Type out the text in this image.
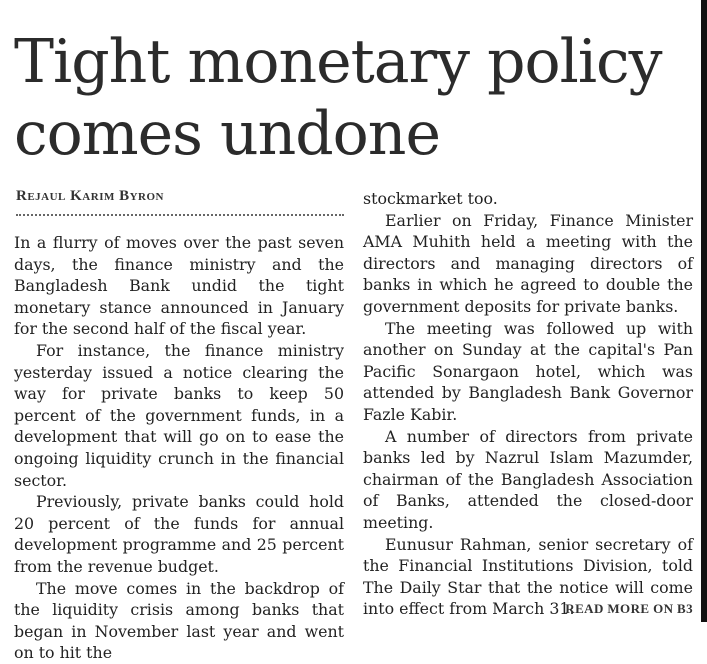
Tight monetary policy comes undone
Rejaul Karim Byron

In a flurry of moves over the past seven days, the finance ministry and the Bangladesh Bank undid the tight monetary stance announced in January for the second half of the fiscal year.

For instance, the finance ministry yesterday issued a notice clearing the way for private banks to keep 50 percent of the government funds, in a development that will go on to ease the ongoing liquidity crunch in the financial sector.

Previously, private banks could hold 20 percent of the funds for annual development programme and 25 percent from the revenue budget.

The move comes in the backdrop of the liquidity crisis among banks that began in November last year and went on to hit the

stockmarket too.

Earlier on Friday, Finance Minister AMA Muhith held a meeting with the directors and managing directors of banks in which he agreed to double the government deposits for private banks.

The meeting was followed up with another on Sunday at the capital's Pan Pacific Sonargaon hotel, which was attended by Bangladesh Bank Governor Fazle Kabir.

A number of directors from private banks led by Nazrul Islam Mazumder, chairman of the Bangladesh Association of Banks, attended the closed-door meeting.

Eunusur Rahman, senior secretary of the Financial Institutions Division, told The Daily Star that the notice will come into effect from March 31.

READ MORE ON B3
